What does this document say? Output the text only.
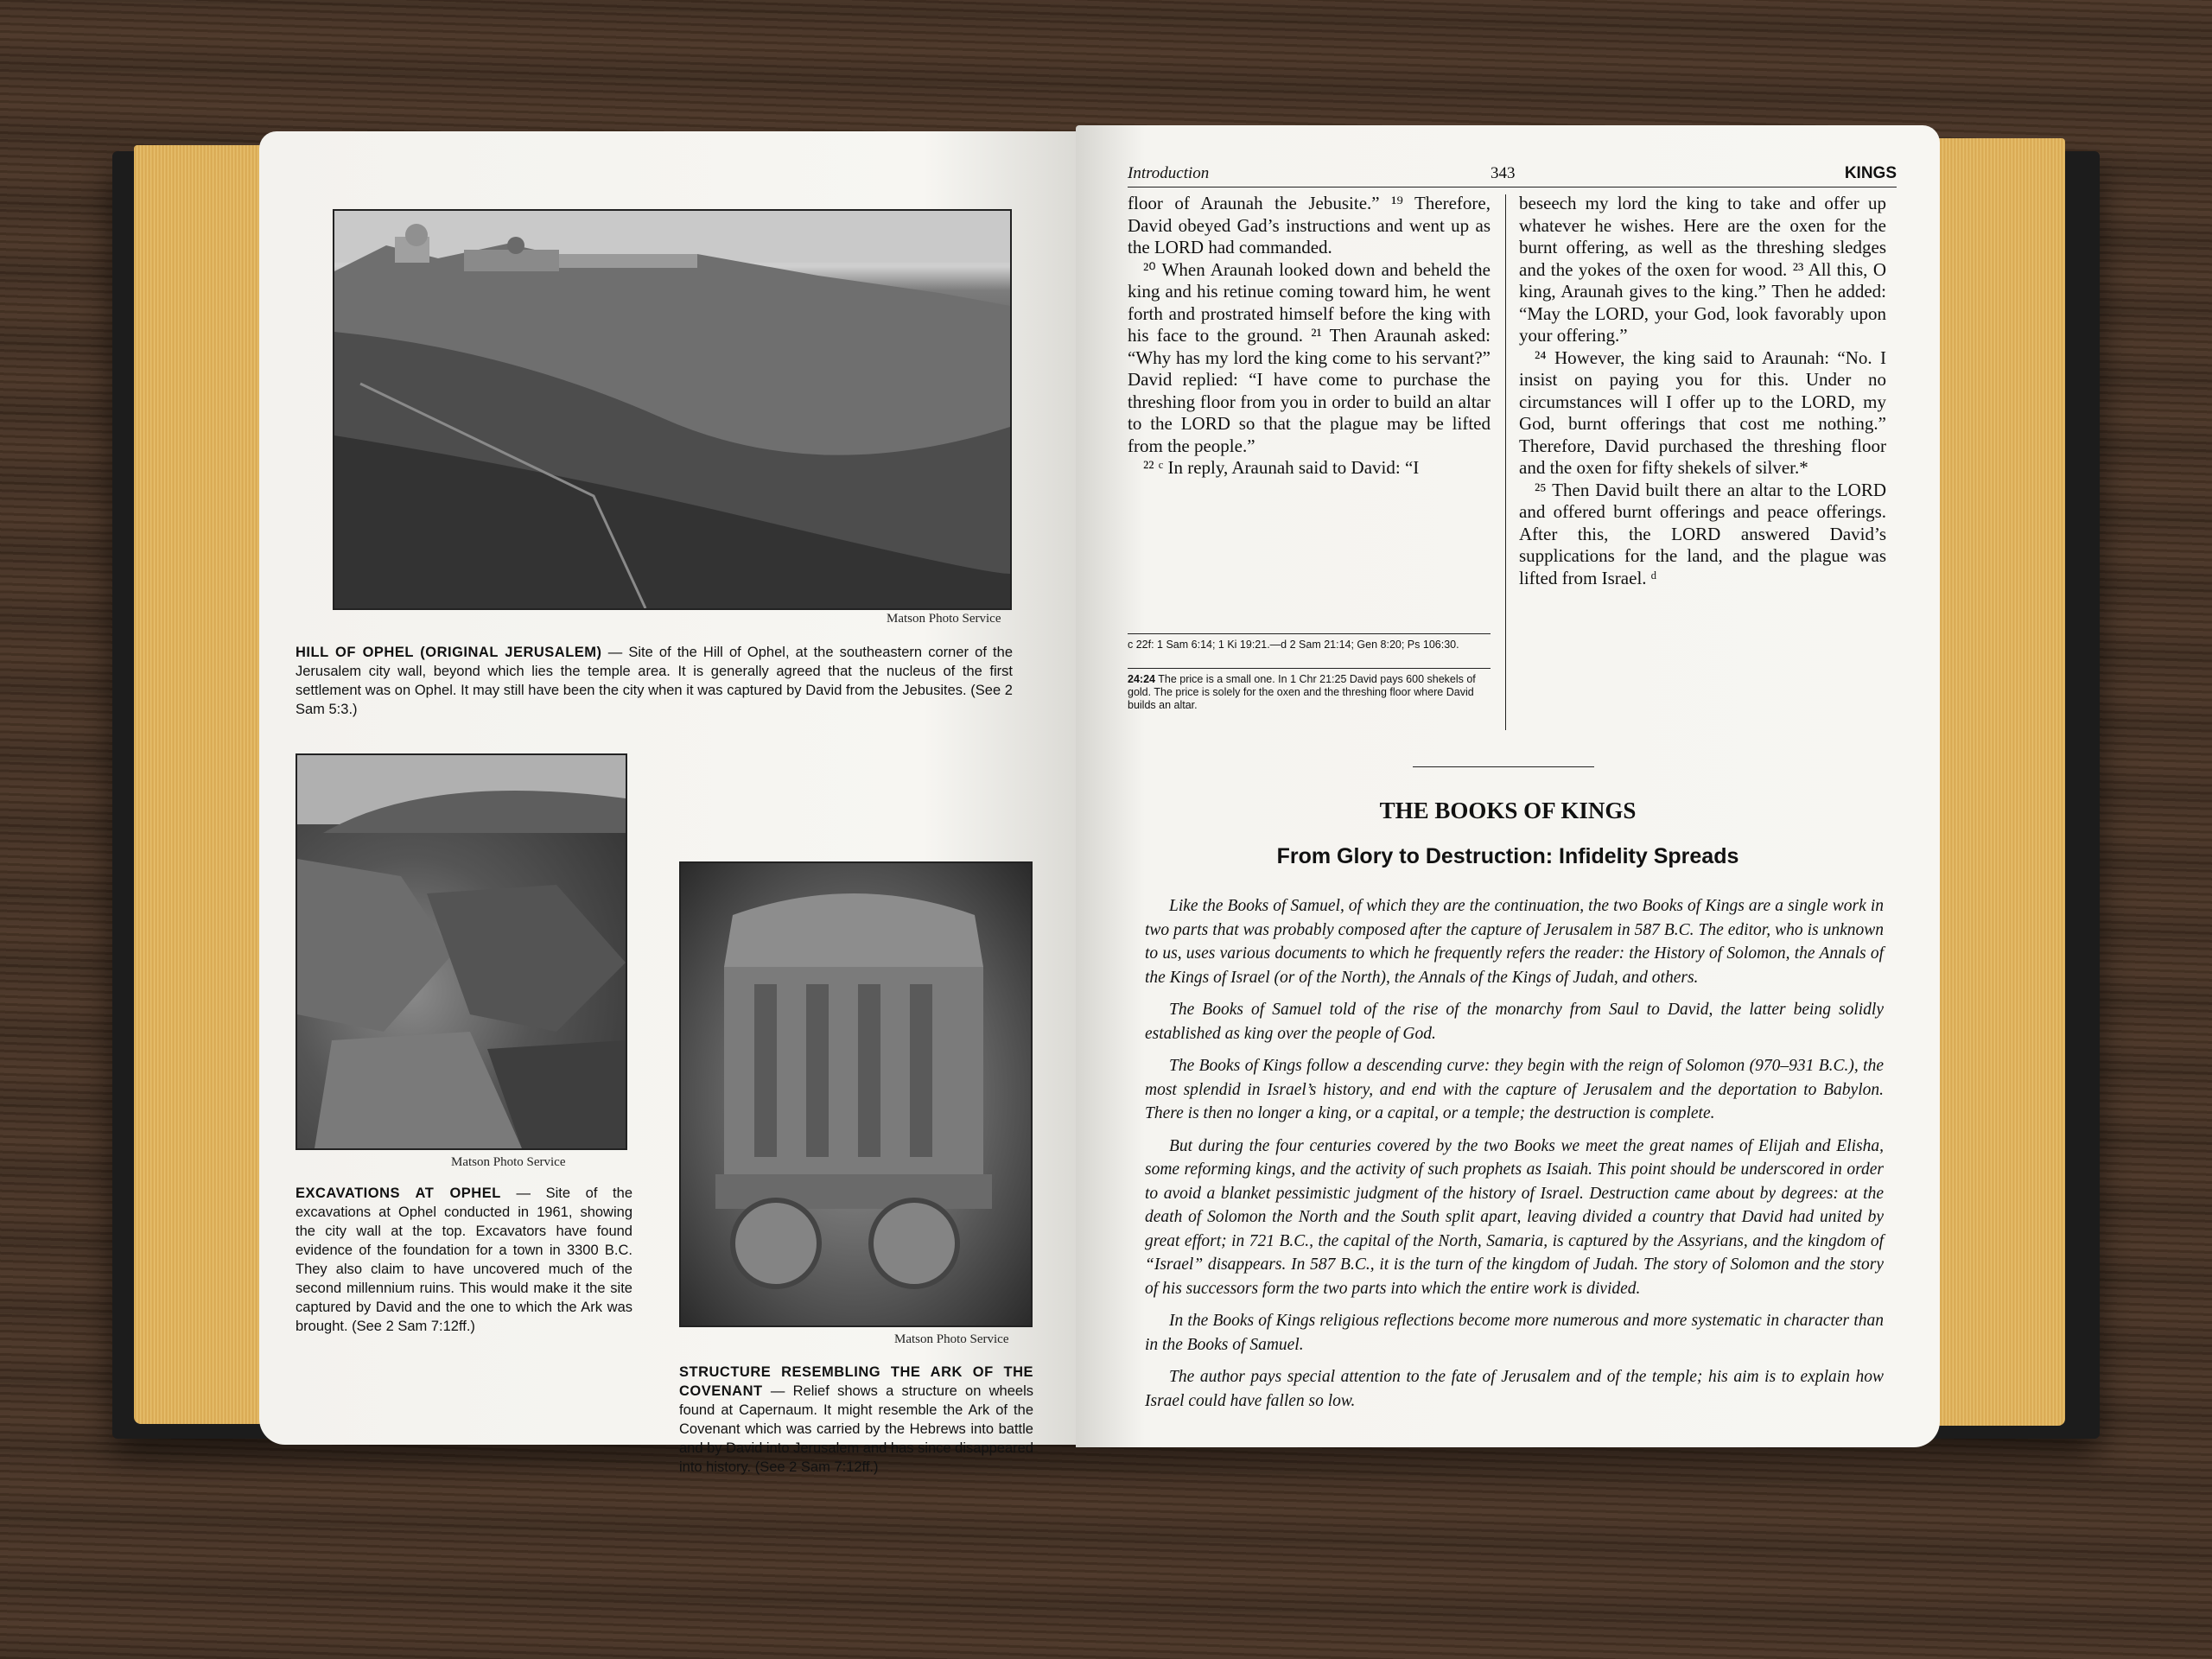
Matson Photo Service
HILL OF OPHEL (ORIGINAL JERUSALEM) — Site of the Hill of Ophel, at the southeastern corner of the Jerusalem city wall, beyond which lies the temple area. It is generally agreed that the nucleus of the first settlement was on Ophel. It may still have been the city when it was captured by David from the Jebusites. (See 2 Sam 5:3.)
Matson Photo Service
EXCAVATIONS AT OPHEL — Site of the excavations at Ophel conducted in 1961, showing the city wall at the top. Excavators have found evidence of the foundation for a town in 3300 B.C. They also claim to have uncovered much of the second millennium ruins. This would make it the site captured by David and the one to which the Ark was brought. (See 2 Sam 7:12ff.)
Matson Photo Service
STRUCTURE RESEMBLING THE ARK OF THE COVENANT — Relief shows a structure on wheels found at Capernaum. It might resemble the Ark of the Covenant which was carried by the Hebrews into battle and by David into Jerusalem and has since disappeared into history. (See 2 Sam 7:12ff.)
Introduction	343	KINGS

floor of Araunah the Jebusite.” ¹⁹ Therefore, David obeyed Gad’s instructions and went up as the LORD had commanded.

²⁰ When Araunah looked down and beheld the king and his retinue coming toward him, he went forth and prostrated himself before the king with his face to the ground. ²¹ Then Araunah asked: “Why has my lord the king come to his servant?” David replied: “I have come to purchase the threshing floor from you in order to build an altar to the LORD so that the plague may be lifted from the people.”

²² ᶜ In reply, Araunah said to David: “I

c 22f: 1 Sam 6:14; 1 Ki 19:21.—d 2 Sam 21:14; Gen 8:20; Ps 106:30.
24:24 The price is a small one. In 1 Chr 21:25 David pays 600 shekels of gold. The price is solely for the oxen and the threshing floor where David builds an altar.

beseech my lord the king to take and offer up whatever he wishes. Here are the oxen for the burnt offering, as well as the threshing sledges and the yokes of the oxen for wood. ²³ All this, O king, Araunah gives to the king.” Then he added: “May the LORD, your God, look favorably upon your offering.”

²⁴ However, the king said to Araunah: “No. I insist on paying you for this. Under no circumstances will I offer up to the LORD, my God, burnt offerings that cost me nothing.” Therefore, David purchased the threshing floor and the oxen for fifty shekels of silver.*

²⁵ Then David built there an altar to the LORD and offered burnt offerings and peace offerings. After this, the LORD answered David’s supplications for the land, and the plague was lifted from Israel. ᵈ

THE BOOKS OF KINGS
From Glory to Destruction: Infidelity Spreads

Like the Books of Samuel, of which they are the continuation, the two Books of Kings are a single work in two parts that was probably composed after the capture of Jerusalem in 587 B.C. The editor, who is unknown to us, uses various documents to which he frequently refers the reader: the History of Solomon, the Annals of the Kings of Israel (or of the North), the Annals of the Kings of Judah, and others.

The Books of Samuel told of the rise of the monarchy from Saul to David, the latter being solidly established as king over the people of God.

The Books of Kings follow a descending curve: they begin with the reign of Solomon (970–931 B.C.), the most splendid in Israel’s history, and end with the capture of Jerusalem and the deportation to Babylon. There is then no longer a king, or a capital, or a temple; the destruction is complete.

But during the four centuries covered by the two Books we meet the great names of Elijah and Elisha, some reforming kings, and the activity of such prophets as Isaiah. This point should be underscored in order to avoid a blanket pessimistic judgment of the history of Israel. Destruction came about by degrees: at the death of Solomon the North and the South split apart, leaving divided a country that David had united by great effort; in 721 B.C., the capital of the North, Samaria, is captured by the Assyrians, and the kingdom of “Israel” disappears. In 587 B.C., it is the turn of the kingdom of Judah. The story of Solomon and the story of his successors form the two parts into which the entire work is divided.

In the Books of Kings religious reflections become more numerous and more systematic in character than in the Books of Samuel.

The author pays special attention to the fate of Jerusalem and of the temple; his aim is to explain how Israel could have fallen so low.
